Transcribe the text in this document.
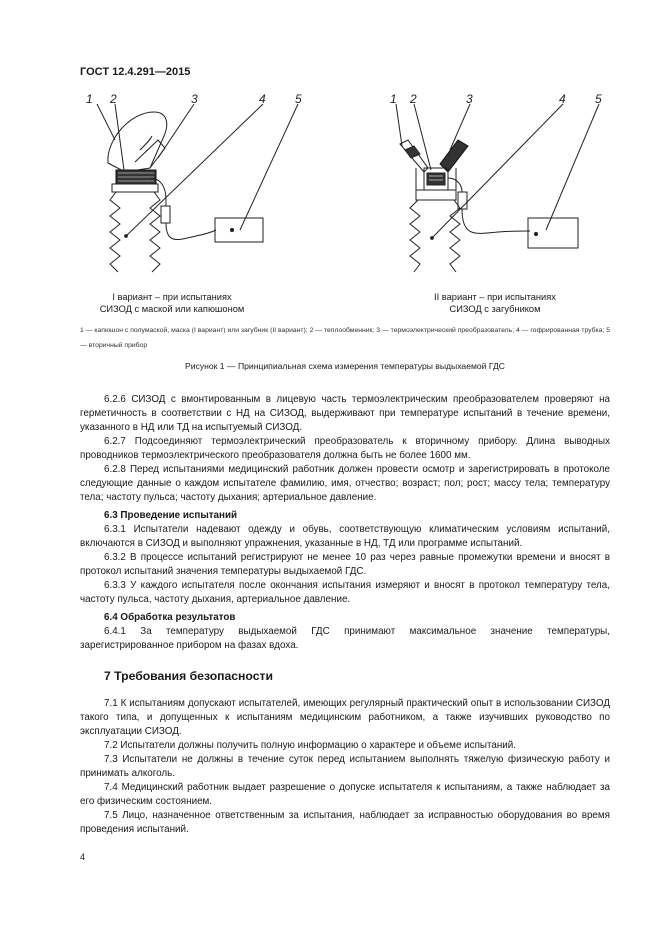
ГОСТ 12.4.291—2015
1 2	3	4 5	1 2	3	4 5
I вариант – при испытаниях
СИЗОД с маской или капюшоном
II вариант – при испытаниях
СИЗОД с загубником
1 — капюшон с полумаской, маска (I вариант) или загубник (II вариант); 2 — теплообменник; 3 — термоэлектрический преобразователь; 4 — гофрированная трубка; 5 — вторичный прибор
Рисунок 1 — Принципиальная схема измерения температуры выдыхаемой ГДС

6.2.6 СИЗОД с вмонтированным в лицевую часть термоэлектрическим преобразователем проверяют на герметичность в соответствии с НД на СИЗОД, выдерживают при температуре испытаний в течение времени, указанного в НД или ТД на испытуемый СИЗОД.

6.2.7 Подсоединяют термоэлектрический преобразователь к вторичному прибору. Длина выводных проводников термоэлектрического преобразователя должна быть не более 1600 мм.

6.2.8 Перед испытаниями медицинский работник должен провести осмотр и зарегистрировать в протоколе следующие данные о каждом испытателе фамилию, имя, отчество; возраст; пол; рост; массу тела; температуру тела; частоту пульса; частоту дыхания; артериальное давление.

6.3 Проведение испытаний

6.3.1 Испытатели надевают одежду и обувь, соответствующую климатическим условиям испытаний, включаются в СИЗОД и выполняют упражнения, указанные в НД, ТД или программе испытаний.

6.3.2 В процессе испытаний регистрируют не менее 10 раз через равные промежутки времени и вносят в протокол испытаний значения температуры выдыхаемой ГДС.

6.3.3 У каждого испытателя после окончания испытания измеряют и вносят в протокол температуру тела, частоту пульса, частоту дыхания, артериальное давление.

6.4 Обработка результатов

6.4.1 За температуру выдыхаемой ГДС принимают максимальное значение температуры, зарегистрированное прибором на фазах вдоха.

7 Требования безопасности

7.1 К испытаниям допускают испытателей, имеющих регулярный практический опыт в использовании СИЗОД такого типа, и допущенных к испытаниям медицинским работником, а также изучивших руководство по эксплуатации СИЗОД.

7.2 Испытатели должны получить полную информацию о характере и объеме испытаний.

7.3 Испытатели не должны в течение суток перед испытанием выполнять тяжелую физическую работу и принимать алкоголь.

7.4 Медицинский работник выдает разрешение о допуске испытателя к испытаниям, а также наблюдает за его физическим состоянием.

7.5 Лицо, назначенное ответственным за испытания, наблюдает за исправностью оборудования во время проведения испытаний.

4
